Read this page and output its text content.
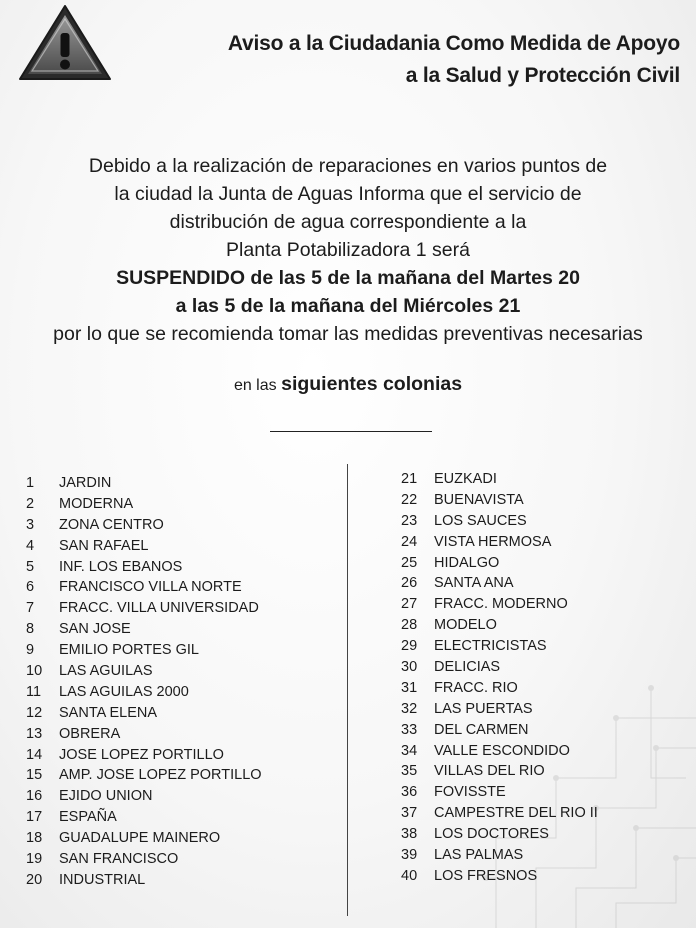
Aviso a la Ciudadania Como Medida de Apoyo
a la Salud y Protección Civil
Debido a la realización de reparaciones en varios puntos de
la ciudad la Junta de Aguas Informa que el servicio de
distribución de agua correspondiente a la
Planta Potabilizadora 1 será
SUSPENDIDO de las 5 de la mañana del Martes 20
a las 5 de la mañana del Miércoles 21
por lo que se recomienda tomar las medidas preventivas necesarias
en las siguientes colonias
1 JARDIN
2 MODERNA
3 ZONA CENTRO
4 SAN RAFAEL
5 INF. LOS EBANOS
6 FRANCISCO VILLA NORTE
7 FRACC. VILLA UNIVERSIDAD
8 SAN JOSE
9 EMILIO PORTES GIL
10 LAS AGUILAS
11 LAS AGUILAS 2000
12 SANTA ELENA
13 OBRERA
14 JOSE LOPEZ PORTILLO
15 AMP. JOSE LOPEZ PORTILLO
16 EJIDO UNION
17 ESPAÑA
18 GUADALUPE MAINERO
19 SAN FRANCISCO
20 INDUSTRIAL
21 EUZKADI
22 BUENAVISTA
23 LOS SAUCES
24 VISTA HERMOSA
25 HIDALGO
26 SANTA ANA
27 FRACC. MODERNO
28 MODELO
29 ELECTRICISTAS
30 DELICIAS
31 FRACC. RIO
32 LAS PUERTAS
33 DEL CARMEN
34 VALLE ESCONDIDO
35 VILLAS DEL RIO
36 FOVISSTE
37 CAMPESTRE DEL RIO II
38 LOS DOCTORES
39 LAS PALMAS
40 LOS FRESNOS
